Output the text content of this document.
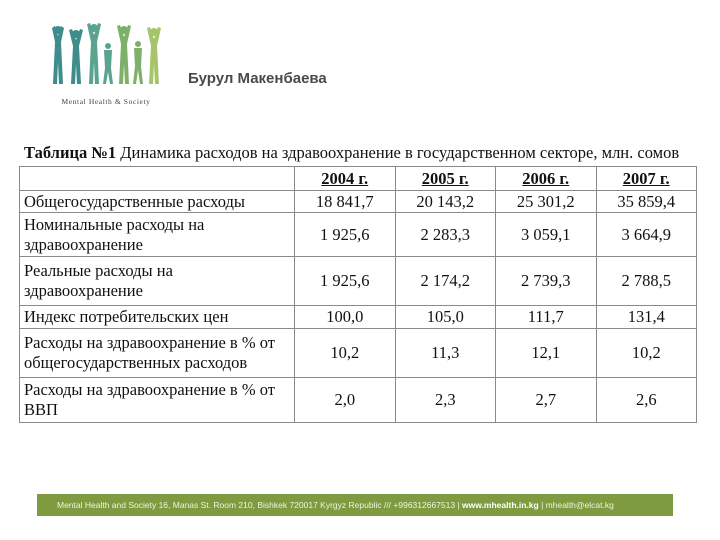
Mental Health & Society
Бурул Макенбаева
Таблица №1 Динамика расходов на здравоохранение в государственном секторе, млн. сомов
	2004 г.	2005 г.	2006 г.	2007 г.
Общегосударственные расходы	18 841,7	20 143,2	25 301,2	35 859,4
Номинальные расходы на здравоохранение	1 925,6	2 283,3	3 059,1	3 664,9
Реальные расходы на здравоохранение	1 925,6	2 174,2	2 739,3	2 788,5
Индекс потребительских цен	100,0	105,0	111,7	131,4
Расходы на здравоохранение в % от общегосударственных расходов	10,2	11,3	12,1	10,2
Расходы на здравоохранение в % от ВВП	2,0	2,3	2,7	2,6
Mental Health and Society 16, Manas St. Room 210, Bishkek 720017 Kyrgyz Republic /// +996312667513 | www.mhealth.in.kg | mhealth@elcat.kg
